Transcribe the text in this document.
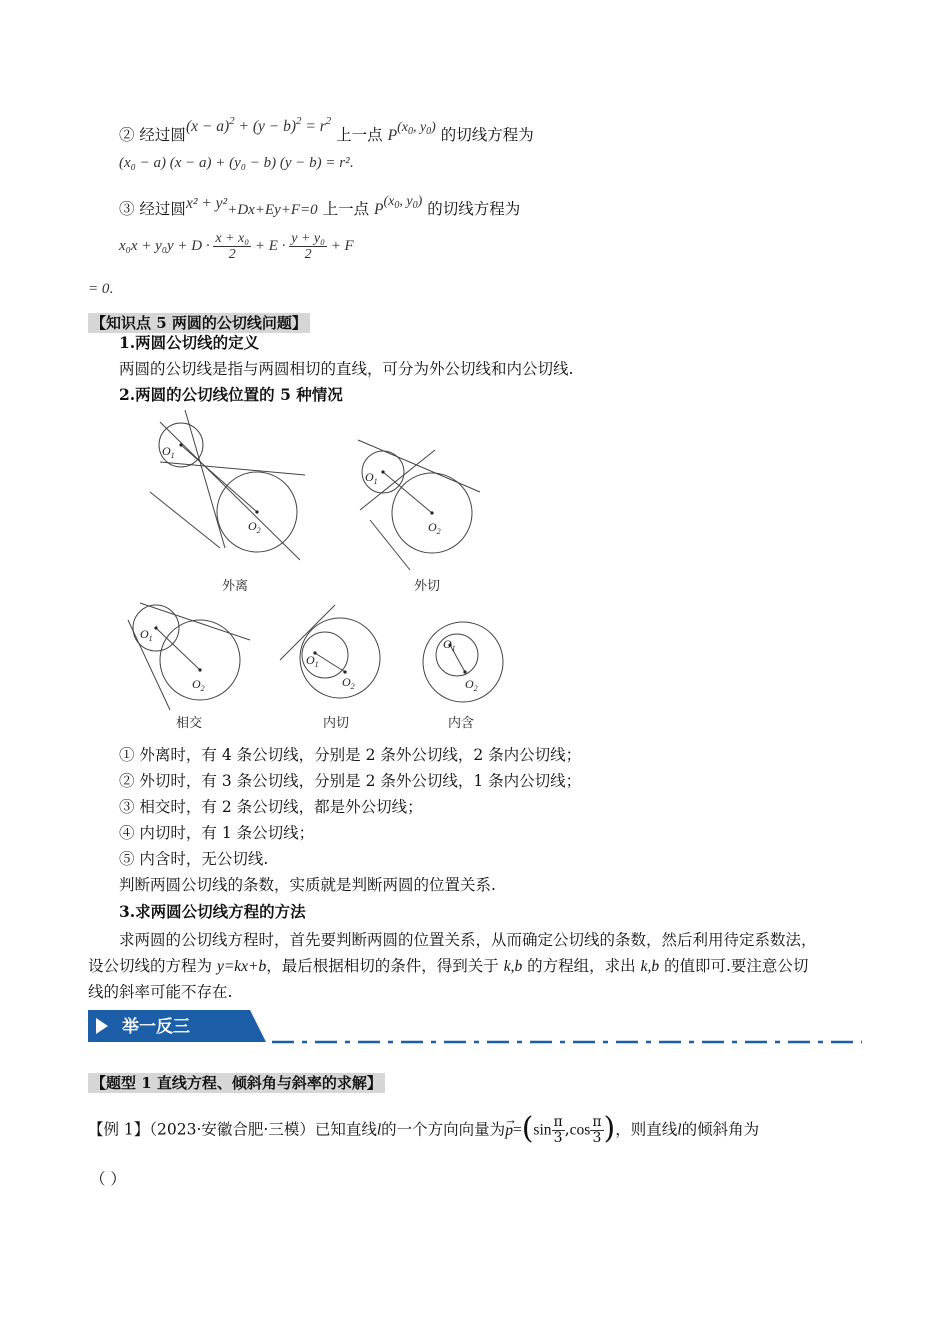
② 经过圆$(x - a)^2 + (y - b)^2 = r^2$ 上一点 $P(x_0$, $y_0$) 的切线方程为
(x₀ − a) (x − a) + (y₀ − b) (y − b) = r².
③ 经过圆x² + y²+Dx+Ey+F=0 上一点 $P(x_0$, $y_0$) 的切线方程为
$x_0x + y_0y + D \cdot \frac{\text{x + x₀}}{2} + E \cdot \frac{\text{y + y₀}}{2} + F$
= 0.
【知识点 5 两圆的公切线问题】
1.两圆公切线的定义
两圆的公切线是指与两圆相切的直线，可分为外公切线和内公切线.
2.两圆的公切线位置的 5 种情况
$O_1$
$O_2$
$O_1$
$O_2$
$O_1$
$O_2$
$O_1$
$O_2$
$O_1$
$O_2$
外离	外切
相交	内切	内含
① 外离时，有 4 条公切线，分别是 2 条外公切线，2 条内公切线；
② 外切时，有 3 条公切线，分别是 2 条外公切线，1 条内公切线；
③ 相交时，有 2 条公切线，都是外公切线；
④ 内切时，有 1 条公切线；
⑤ 内含时，无公切线.
判断两圆公切线的条数，实质就是判断两圆的位置关系.
3.求两圆公切线方程的方法
求两圆的公切线方程时，首先要判断两圆的位置关系，从而确定公切线的条数，然后利用待定系数法，
设公切线的方程为 y=kx+b，最后根据相切的条件，得到关于 k,b 的方程组，求出 k,b 的值即可.要注意公切
线的斜率可能不存在.
举一反三
【题型 1 直线方程、倾斜角与斜率的求解】
【例 1】（2023·安徽合肥·三模）已知直线l的一个方向向量为
→
$p=(\sin \frac{\pi}{3} ,\cos \frac{\pi}{3}$ )，则直线l的倾斜角为
（ ）
